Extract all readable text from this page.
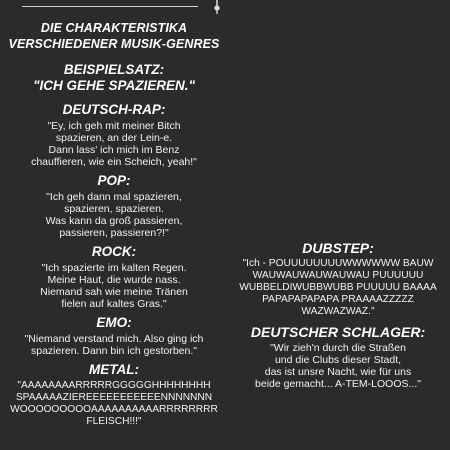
DIE CHARAKTERISTIKA
VERSCHIEDENER MUSIK-GENRES
BEISPIELSATZ:
"ICH GEHE SPAZIEREN."
DEUTSCH-RAP:
"Ey, ich geh mit meiner Bitch
spazieren, an der Lein-e.
Dann lass' ich mich im Benz
chauffieren, wie ein Scheich, yeah!"
POP:
"Ich geh dann mal spazieren,
spazieren, spazieren.
Was kann da groß passieren,
passieren, passieren?!"
ROCK:
"Ich spazierte im kalten Regen.
Meine Haut, die wurde nass.
Niemand sah wie meine Tränen
fielen auf kaltes Gras."
EMO:
"Niemand verstand mich. Also ging ich
spazieren. Dann bin ich gestorben."
METAL:
"AAAAAAAARRRRRGGGGGHHHHHHHH
SPAAAAAZIEREEEEEEEEEEENNNNNNN
WOOOOOOOOOAAAAAAAAAARRRRRRRR
FLEISCH!!!"
DUBSTEP:
"Ich - POUUUUUUUUWWWWWW BAUW
WAUWAUWAUWAUWAU PUUUUUU
WUBBELDIWUBBWUBB PUUUUU BAAAA
PAPAPAPAPAPA PRAAAAZZZZZ
WAZWAZWAZ."
DEUTSCHER SCHLAGER:
"Wir zieh'n durch die Straßen
und die Clubs dieser Stadt,
das ist unsre Nacht, wie für uns
beide gemacht... A-TEM-LOOOS..."
